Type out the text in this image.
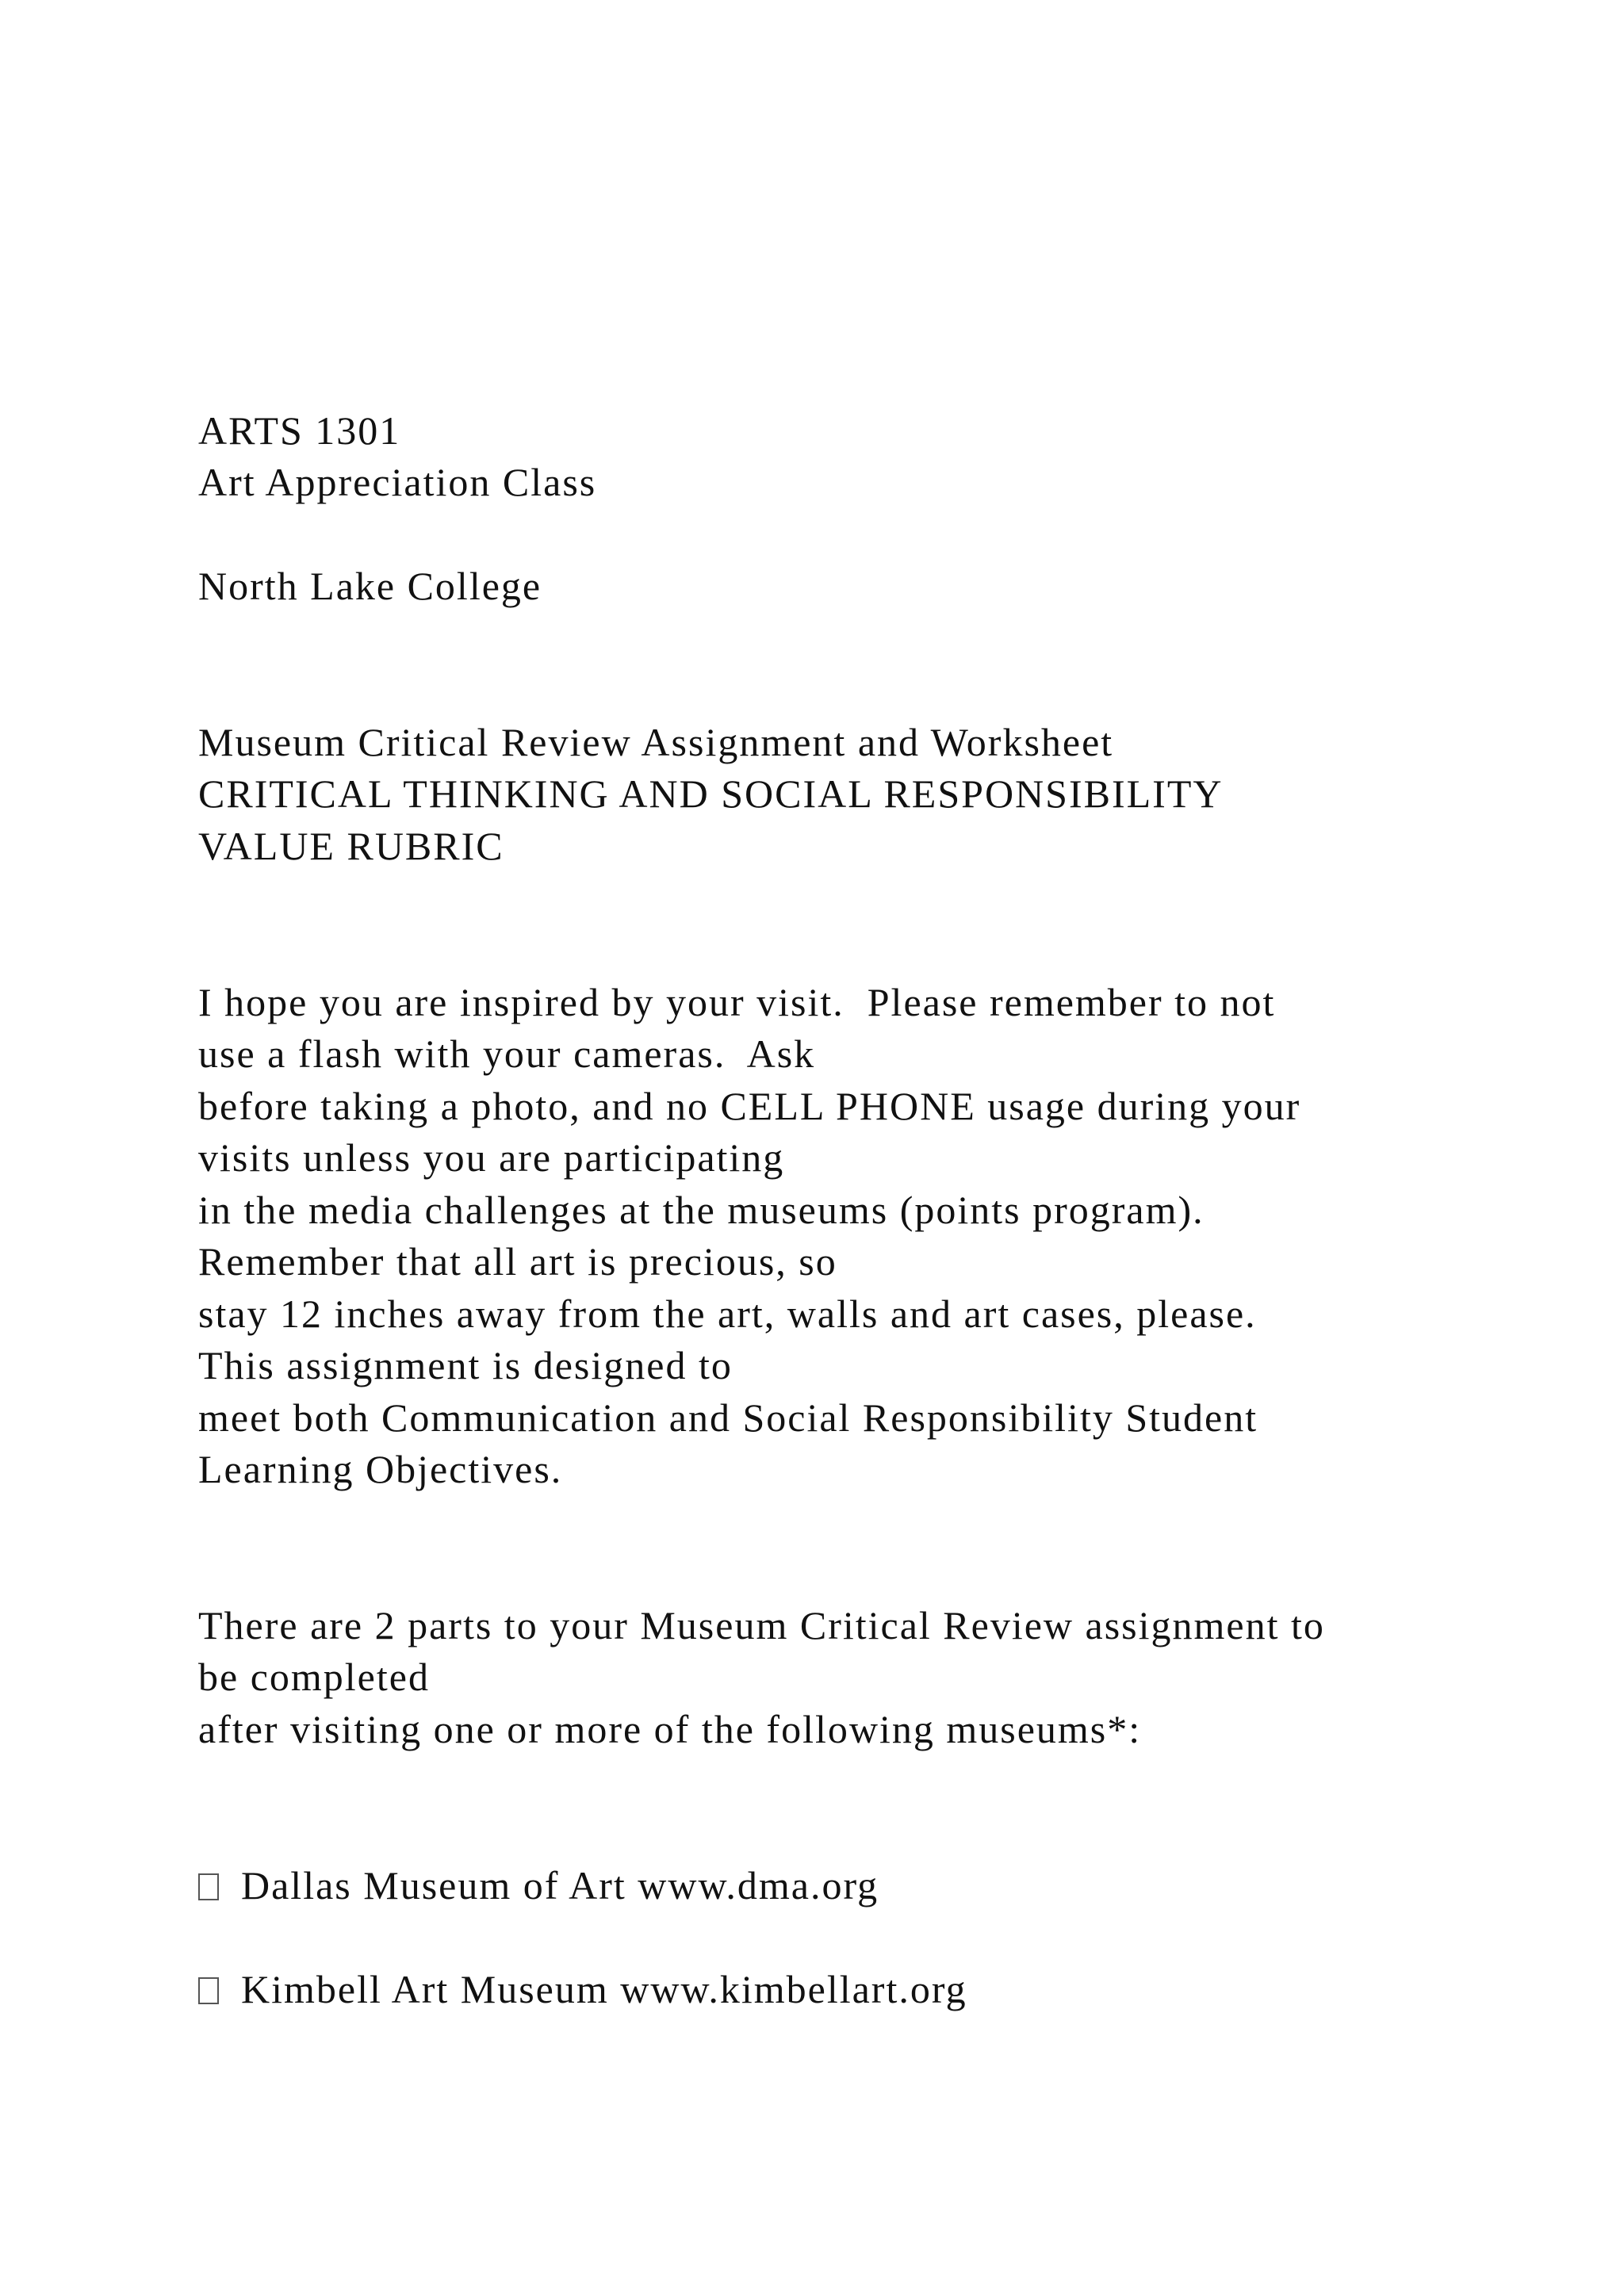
ARTS 1301

Art Appreciation Class

North Lake College

Museum Critical Review Assignment and Worksheet

CRITICAL THINKING AND SOCIAL RESPONSIBILITY

VALUE RUBRIC

I hope you are inspired by your visit.  Please remember to not

use a flash with your cameras.  Ask

before taking a photo, and no CELL PHONE usage during your

visits unless you are participating

in the media challenges at the museums (points program).

Remember that all art is precious, so

stay 12 inches away from the art, walls and art cases, please.

This assignment is designed to

meet both Communication and Social Responsibility Student

Learning Objectives.

There are 2 parts to your Museum Critical Review assignment to

be completed

after visiting one or more of the following museums*:

Dallas Museum of Art www.dma.org

Kimbell Art Museum www.kimbellart.org
